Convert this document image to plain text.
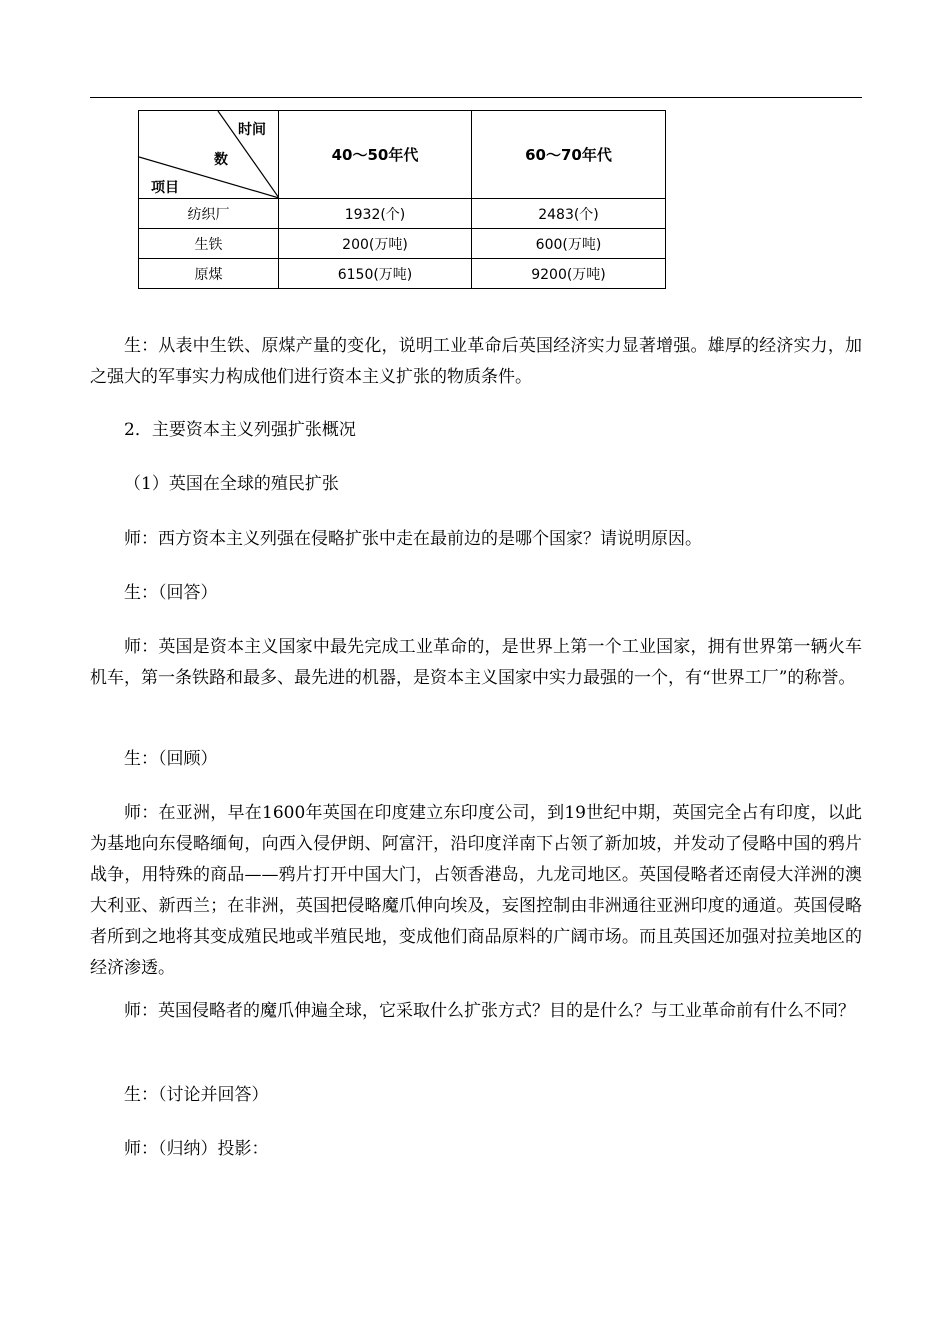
时间
数
项目	40～50年代	60～70年代
纺织厂	1932(个)	2483(个)
生铁	200(万吨)	600(万吨)
原煤	6150(万吨)	9200(万吨)

生：从表中生铁、原煤产量的变化，说明工业革命后英国经济实力显著增强。雄厚的经济实力，加之强大的军事实力构成他们进行资本主义扩张的物质条件。

2．主要资本主义列强扩张概况

（1）英国在全球的殖民扩张

师：西方资本主义列强在侵略扩张中走在最前边的是哪个国家？请说明原因。

生：（回答）

师：英国是资本主义国家中最先完成工业革命的，是世界上第一个工业国家，拥有世界第一辆火车机车，第一条铁路和最多、最先进的机器，是资本主义国家中实力最强的一个，有“世界工厂”的称誉。

生：（回顾）

师：在亚洲，早在1600年英国在印度建立东印度公司，到19世纪中期，英国完全占有印度，以此为基地向东侵略缅甸，向西入侵伊朗、阿富汗，沿印度洋南下占领了新加坡，并发动了侵略中国的鸦片战争，用特殊的商品——鸦片打开中国大门，占领香港岛，九龙司地区。英国侵略者还南侵大洋洲的澳大利亚、新西兰；在非洲，英国把侵略魔爪伸向埃及，妄图控制由非洲通往亚洲印度的通道。英国侵略者所到之地将其变成殖民地或半殖民地，变成他们商品原料的广阔市场。而且英国还加强对拉美地区的经济渗透。

师：英国侵略者的魔爪伸遍全球，它采取什么扩张方式？目的是什么？与工业革命前有什么不同？

生：（讨论并回答）

师：（归纳）投影：
